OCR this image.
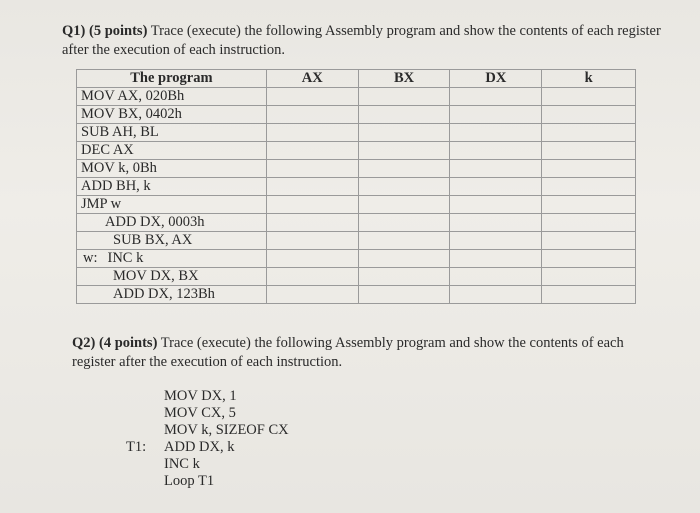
Q1) (5 points) Trace (execute) the following Assembly program and show the contents of each register after the execution of each instruction.
The program	AX	BX	DX	k
MOV AX, 020Bh				
MOV BX, 0402h				
SUB AH, BL				
DEC AX				
MOV k, 0Bh				
ADD BH, k				
JMP w				
ADD DX, 0003h				
SUB BX, AX				
w: INC k				
MOV DX, BX				
ADD DX, 123Bh				
Q2) (4 points) Trace (execute) the following Assembly program and show the contents of each register after the execution of each instruction.
MOV DX, 1
MOV CX, 5
MOV k, SIZEOF CX
T1:	ADD DX, k
INC k
Loop T1
